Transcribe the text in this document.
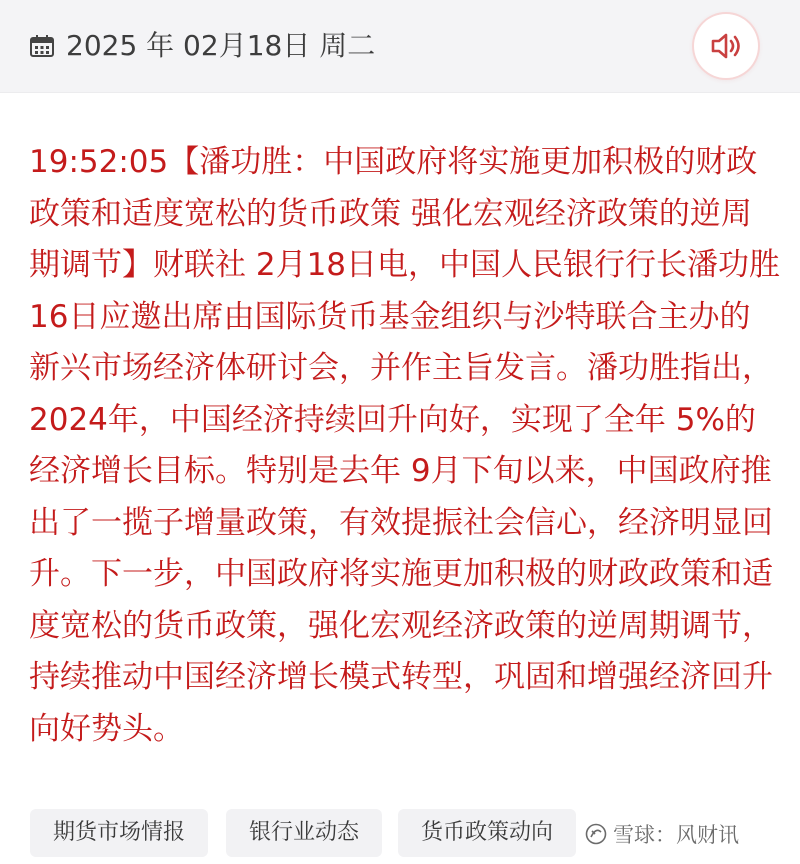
2025 年 02月18日 周二

19:52:05【潘功胜：中国政府将实施更加积极的财政政策和适度宽松的货币政策 强化宏观经济政策的逆周期调节】财联社 2月18日电，中国人民银行行长潘功胜16日应邀出席由国际货币基金组织与沙特联合主办的新兴市场经济体研讨会，并作主旨发言。潘功胜指出，2024年，中国经济持续回升向好，实现了全年 5%的经济增长目标。特别是去年 9月下旬以来，中国政府推出了一揽子增量政策，有效提振社会信心，经济明显回升。下一步，中国政府将实施更加积极的财政政策和适度宽松的货币政策，强化宏观经济政策的逆周期调节，持续推动中国经济增长模式转型，巩固和增强经济回升向好势头。

期货市场情报	银行业动态	货币政策动向	雪球：风财讯
